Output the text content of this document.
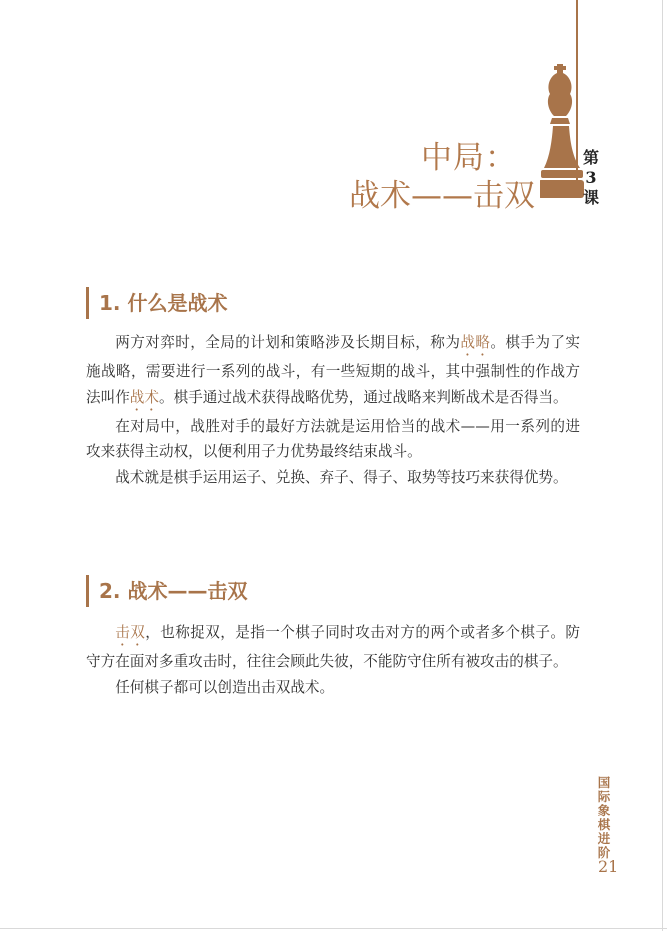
中局：
战术——击双
第
3
课
1. 什么是战术

两方对弈时，全局的计划和策略涉及长期目标，称为战略。棋手为了实施战略，需要进行一系列的战斗，有一些短期的战斗，其中强制性的作战方法叫作战术。棋手通过战术获得战略优势，通过战略来判断战术是否得当。

在对局中，战胜对手的最好方法就是运用恰当的战术——用一系列的进攻来获得主动权，以便利用子力优势最终结束战斗。

战术就是棋手运用运子、兑换、弃子、得子、取势等技巧来获得优势。

2. 战术——击双

击双，也称捉双，是指一个棋子同时攻击对方的两个或者多个棋子。防守方在面对多重攻击时，往往会顾此失彼，不能防守住所有被攻击的棋子。

任何棋子都可以创造出击双战术。

国
际
象
棋
进
阶
21
